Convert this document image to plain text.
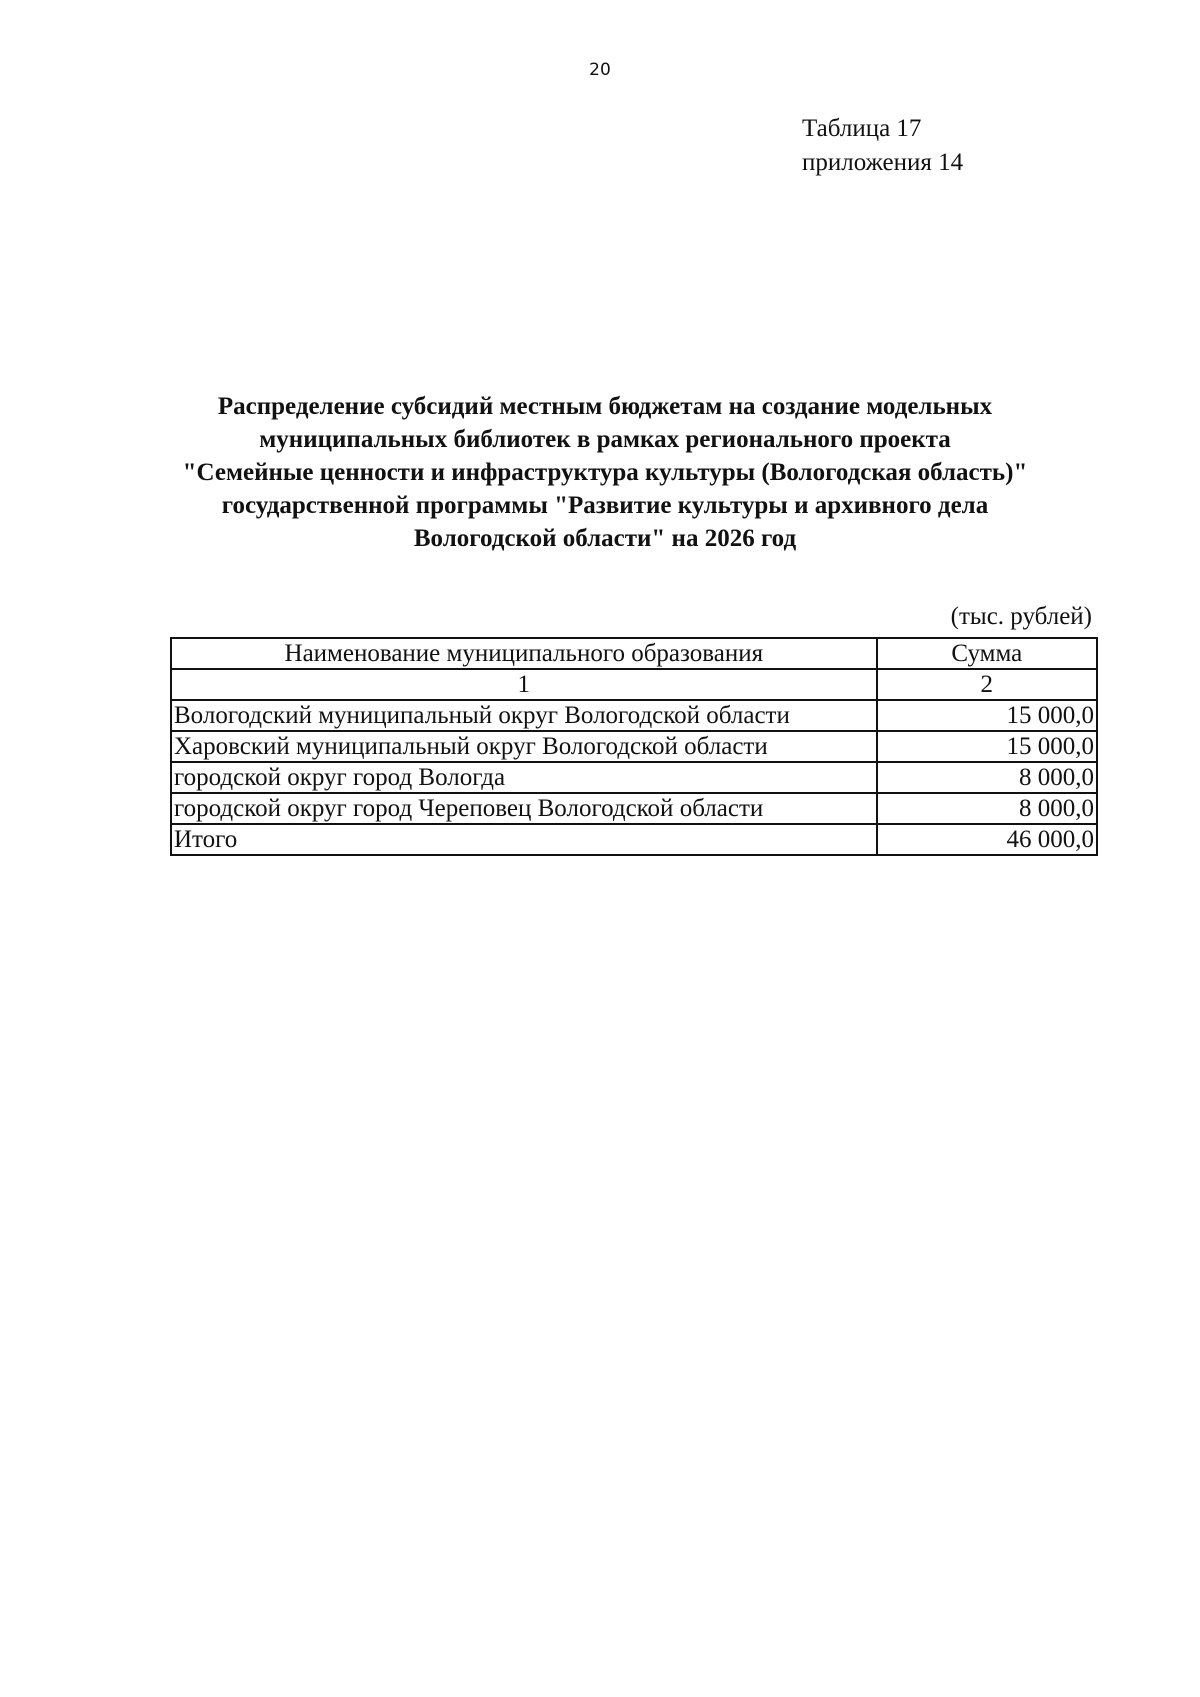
20
Таблица 17
приложения 14
Распределение субсидий местным бюджетам на создание модельных
муниципальных библиотек в рамках регионального проекта
"Семейные ценности и инфраструктура культуры (Вологодская область)"
государственной программы "Развитие культуры и архивного дела
Вологодской области" на 2026 год
(тыс. рублей)
Наименование муниципального образования	Сумма
1	2
Вологодский муниципальный округ Вологодской области	15 000,0
Харовский муниципальный округ Вологодской области	15 000,0
городской округ город Вологда	8 000,0
городской округ город Череповец Вологодской области	8 000,0
Итого	46 000,0
